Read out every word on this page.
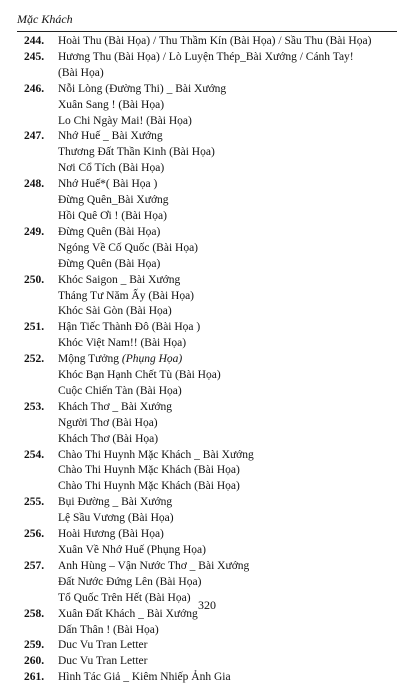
Mặc Khách
244.	Hoài Thu (Bài Họa) / Thu Thầm Kín (Bài Họa) / Sầu Thu (Bài Họa)
245.	Hương Thu (Bài Họa) / Lò Luyện Thép_Bài Xướng / Cánh Tay!
(Bài Họa)
246.	Nỗi Lòng (Đường Thi) _ Bài Xướng
Xuân Sang ! (Bài Họa)
Lo Chi Ngày Mai! (Bài Họa)
247.	Nhớ Huế _ Bài Xướng
Thương Đất Thần Kinh (Bài Họa)
Nơi Cổ Tích (Bài Họa)
248.	Nhớ Huế*( Bài Họa )
Đừng Quên_Bài Xướng
Hồi Quê Ơi ! (Bài Họa)
249.	Đừng Quên (Bài Họa)
Ngóng Về Cố Quốc (Bài Họa)
Đừng Quên (Bài Họa)
250.	Khóc Saigon _ Bài Xướng
Tháng Tư Năm Ấy (Bài Họa)
Khóc Sài Gòn (Bài Họa)
251.	Hận Tiếc Thành Đô (Bài Họa )
Khóc Việt Nam!! (Bài Họa)
252.	Mộng Tưởng (Phụng Họa)
Khóc Bạn Hạnh Chết Tù (Bài Họa)
Cuộc Chiến Tàn (Bài Họa)
253.	Khách Thơ _ Bài Xướng
Người Thơ (Bài Họa)
Khách Thơ (Bài Họa)
254.	Chào Thi Huynh Mặc Khách _ Bài Xướng
Chào Thi Huynh Mặc Khách (Bài Họa)
Chào Thi Huynh Mặc Khách (Bài Họa)
255.	Bụi Đường _ Bài Xướng
Lệ Sầu Vương (Bài Họa)
256.	Hoài Hương (Bài Họa)
Xuân Về Nhớ Huế (Phụng Họa)
257.	Anh Hùng – Vận Nước Thơ _ Bài Xướng
Đất Nước Đứng Lên (Bài Họa)
Tổ Quốc Trên Hết (Bài Họa)
258.	Xuân Đất Khách _ Bài Xướng
Dấn Thân ! (Bài Họa)
259.	Duc Vu Tran Letter
260.	Duc Vu Tran Letter
261.	Hình Tác Giả _ Kiêm Nhiếp Ảnh Gia
320
